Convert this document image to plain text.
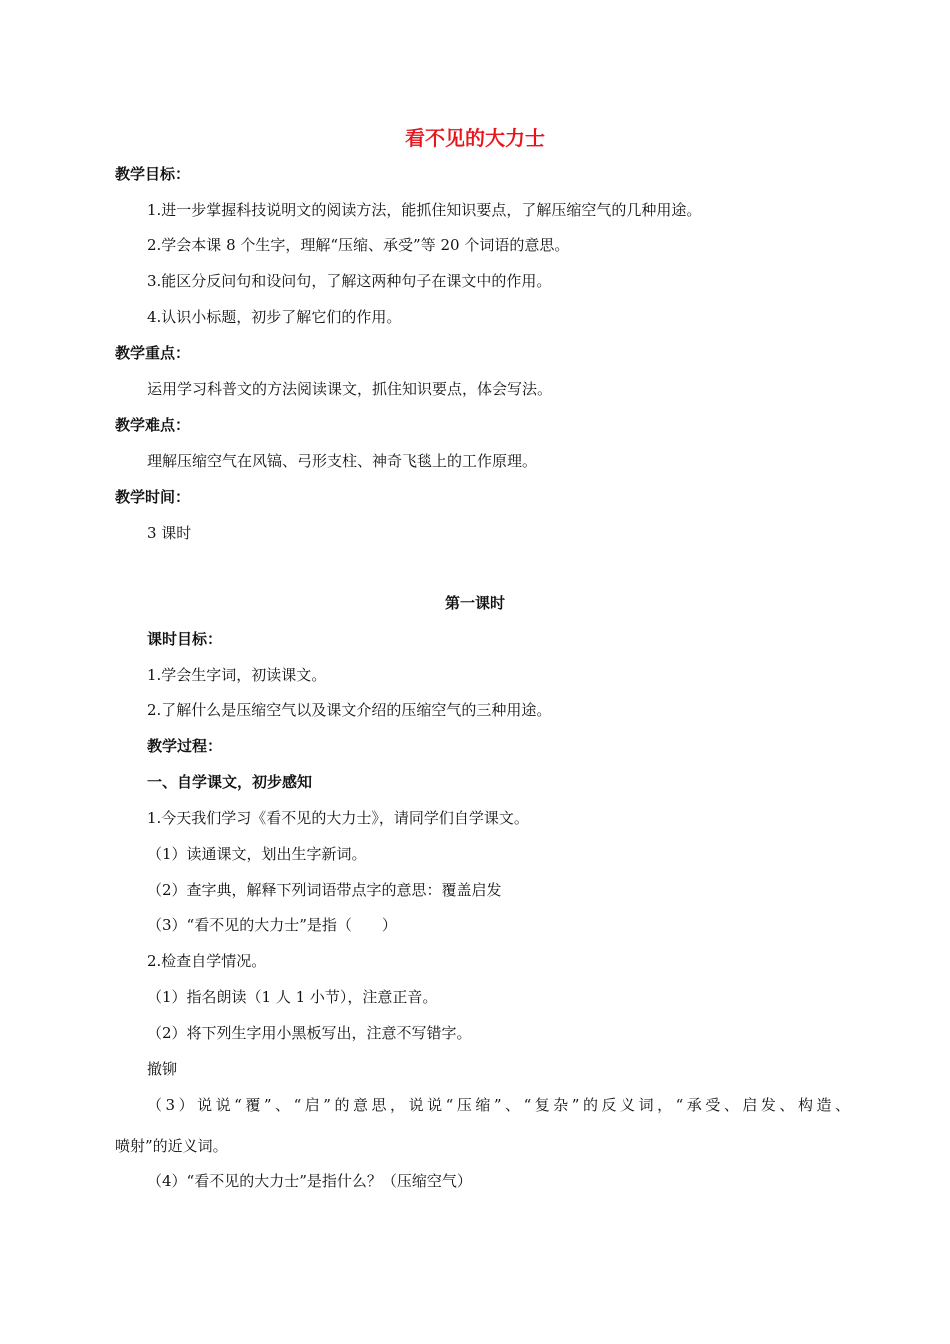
看不见的大力士
教学目标：
1.进一步掌握科技说明文的阅读方法，能抓住知识要点，了解压缩空气的几种用途。
2.学会本课 8 个生字，理解“压缩、承受”等 20 个词语的意思。
3.能区分反问句和设问句，了解这两种句子在课文中的作用。
4.认识小标题，初步了解它们的作用。
教学重点：
运用学习科普文的方法阅读课文，抓住知识要点，体会写法。
教学难点：
理解压缩空气在风镐、弓形支柱、神奇飞毯上的工作原理。
教学时间：
3 课时
第一课时
课时目标：
1.学会生字词，初读课文。
2.了解什么是压缩空气以及课文介绍的压缩空气的三种用途。
教学过程：
一、自学课文，初步感知
1.今天我们学习《看不见的大力士》，请同学们自学课文。
（1）读通课文，划出生字新词。
（2）查字典，解释下列词语带点字的意思：覆盖启发
（3）“看不见的大力士”是指（　　）
2.检查自学情况。
（1）指名朗读（1 人 1 小节），注意正音。
（2）将下列生字用小黑板写出，注意不写错字。
撤铆
（3）说说“覆”、“启”的意思，说说“压缩”、“复杂”的反义词，“承受、启发、构造、
喷射”的近义词。
（4）“看不见的大力士”是指什么？（压缩空气）
